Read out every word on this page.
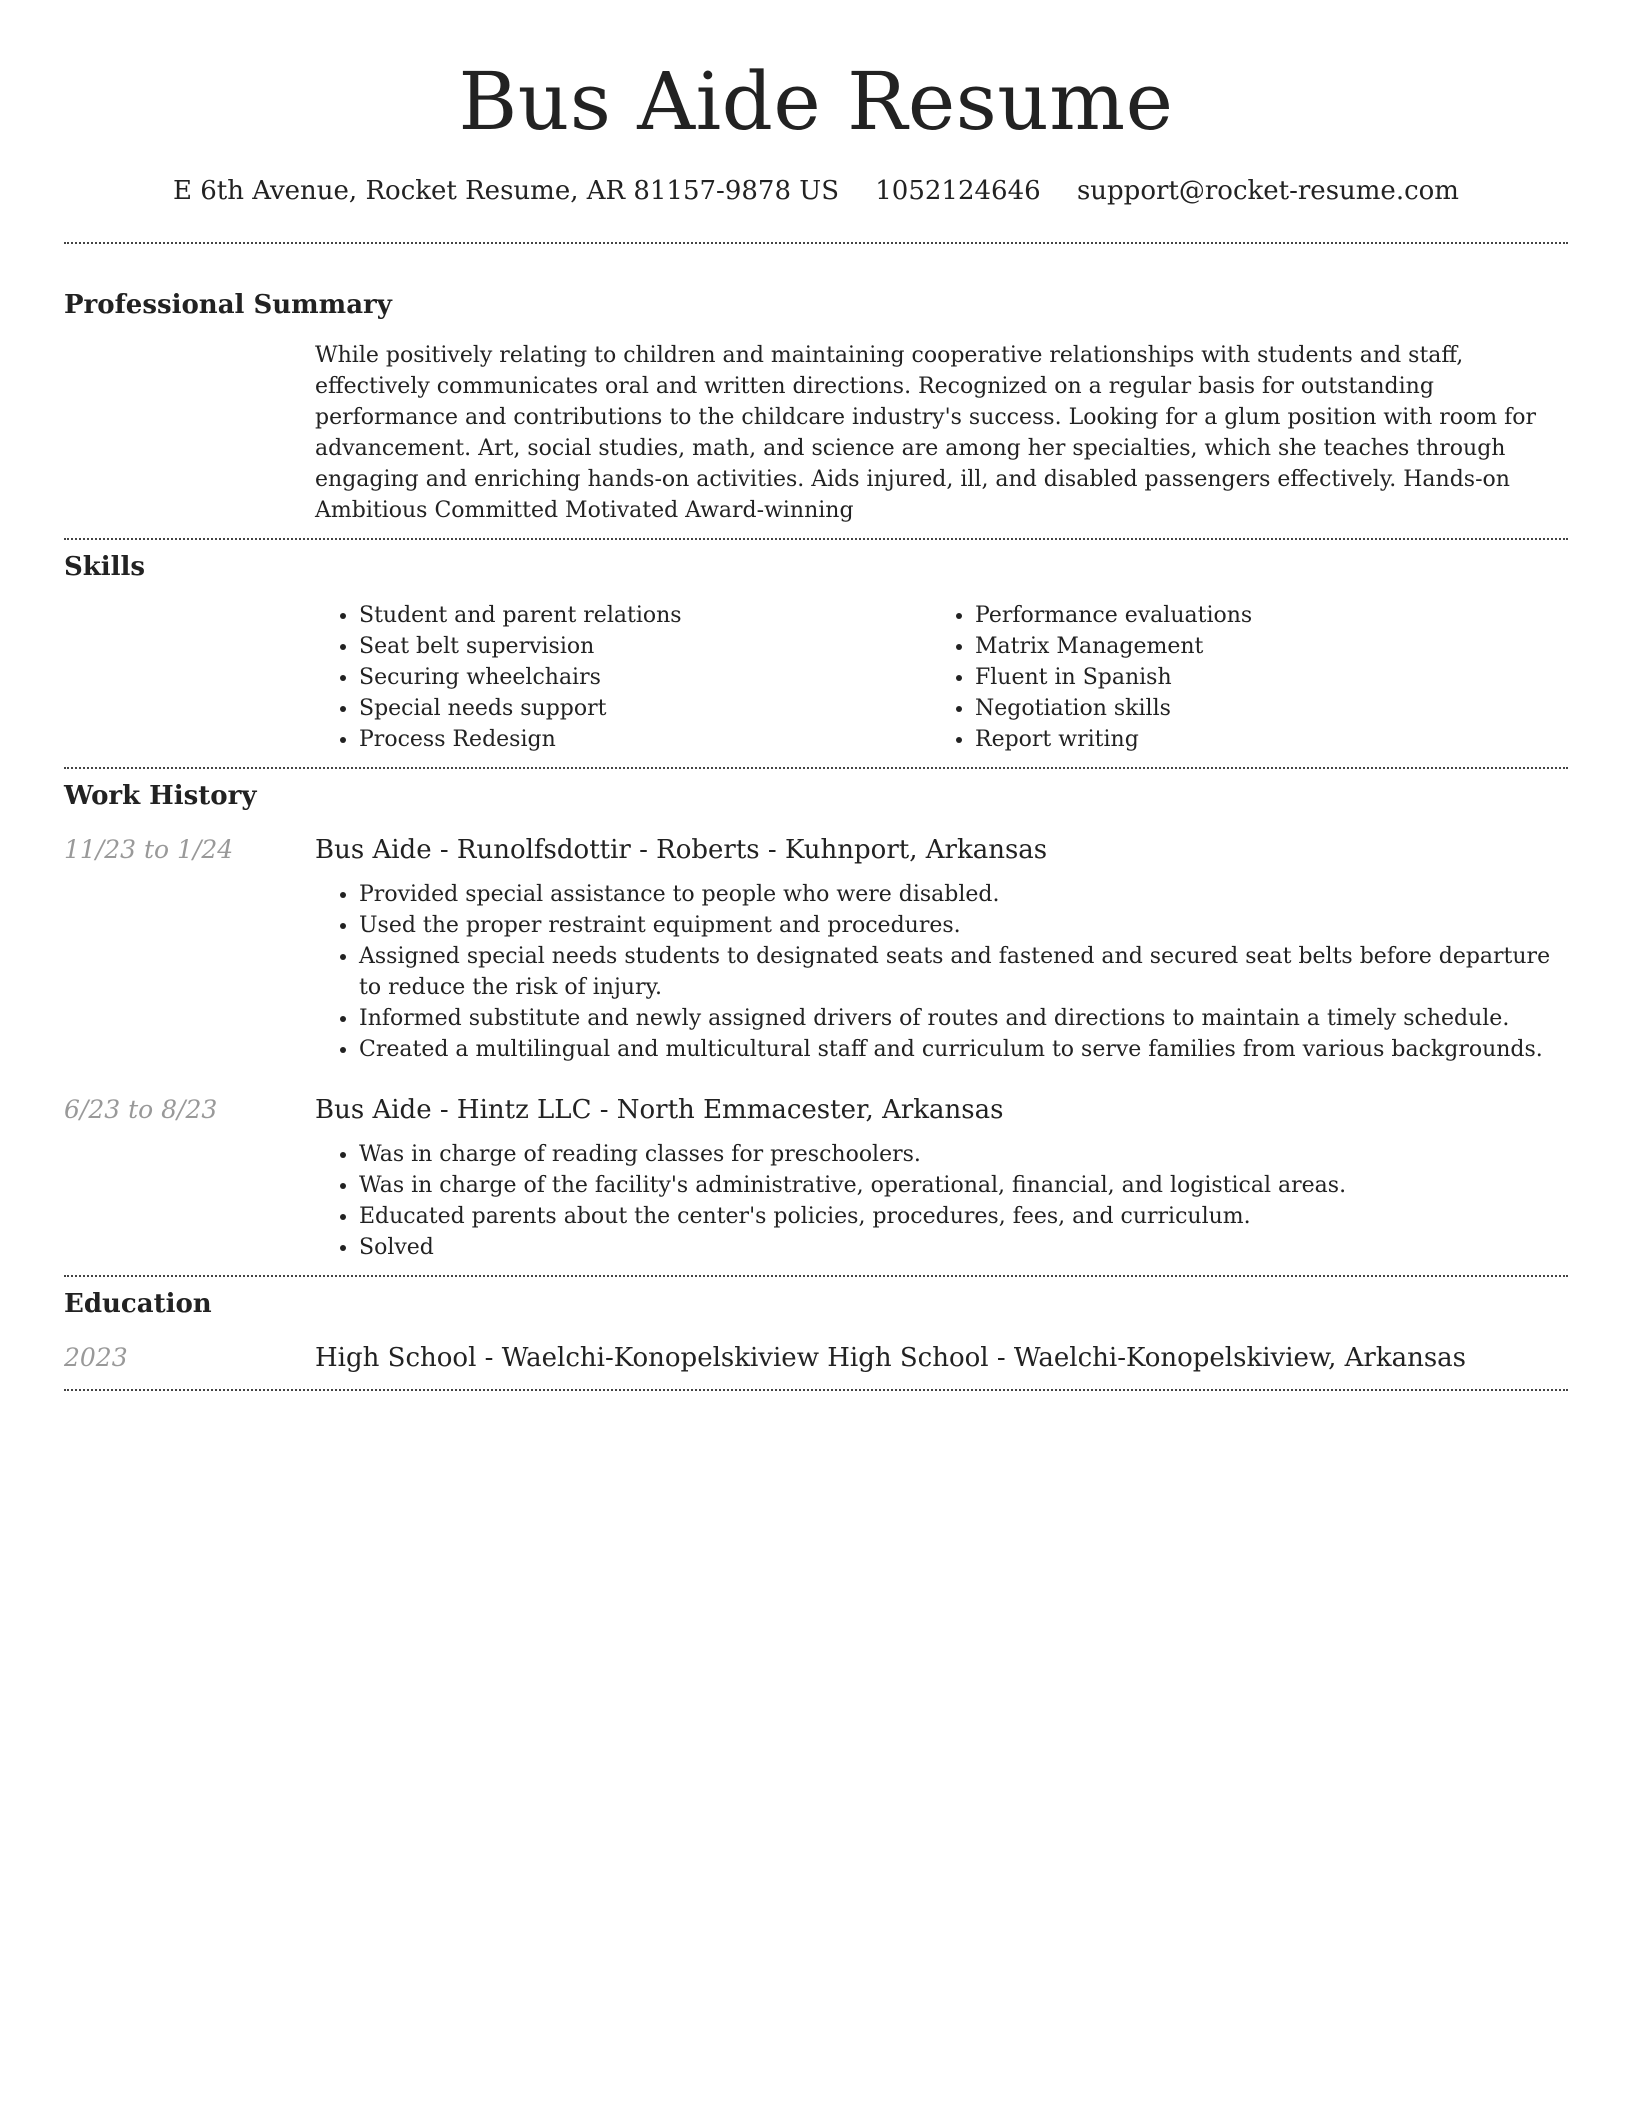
Bus Aide Resume
E 6th Avenue, Rocket Resume, AR 81157-9878 US 1052124646 support@rocket-resume.com
Professional Summary

While positively relating to children and maintaining cooperative relationships with students and staff, effectively communicates oral and written directions. Recognized on a regular basis for outstanding performance and contributions to the childcare industry's success. Looking for a glum position with room for advancement. Art, social studies, math, and science are among her specialties, which she teaches through engaging and enriching hands-on activities. Aids injured, ill, and disabled passengers effectively. Hands-on Ambitious Committed Motivated Award-winning

Skills
• Student and parent relations
• Seat belt supervision
• Securing wheelchairs
• Special needs support
• Process Redesign
• Performance evaluations
• Matrix Management
• Fluent in Spanish
• Negotiation skills
• Report writing
Work History
11/23 to 1/24	Bus Aide - Runolfsdottir - Roberts - Kuhnport, Arkansas
• Provided special assistance to people who were disabled.
• Used the proper restraint equipment and procedures.
• Assigned special needs students to designated seats and fastened and secured seat belts before departure to reduce the risk of injury.
• Informed substitute and newly assigned drivers of routes and directions to maintain a timely schedule.
• Created a multilingual and multicultural staff and curriculum to serve families from various backgrounds.
6/23 to 8/23	Bus Aide - Hintz LLC - North Emmacester, Arkansas
• Was in charge of reading classes for preschoolers.
• Was in charge of the facility's administrative, operational, financial, and logistical areas.
• Educated parents about the center's policies, procedures, fees, and curriculum.
• Solved
Education
2023	High School - Waelchi-Konopelskiview High School - Waelchi-Konopelskiview, Arkansas
